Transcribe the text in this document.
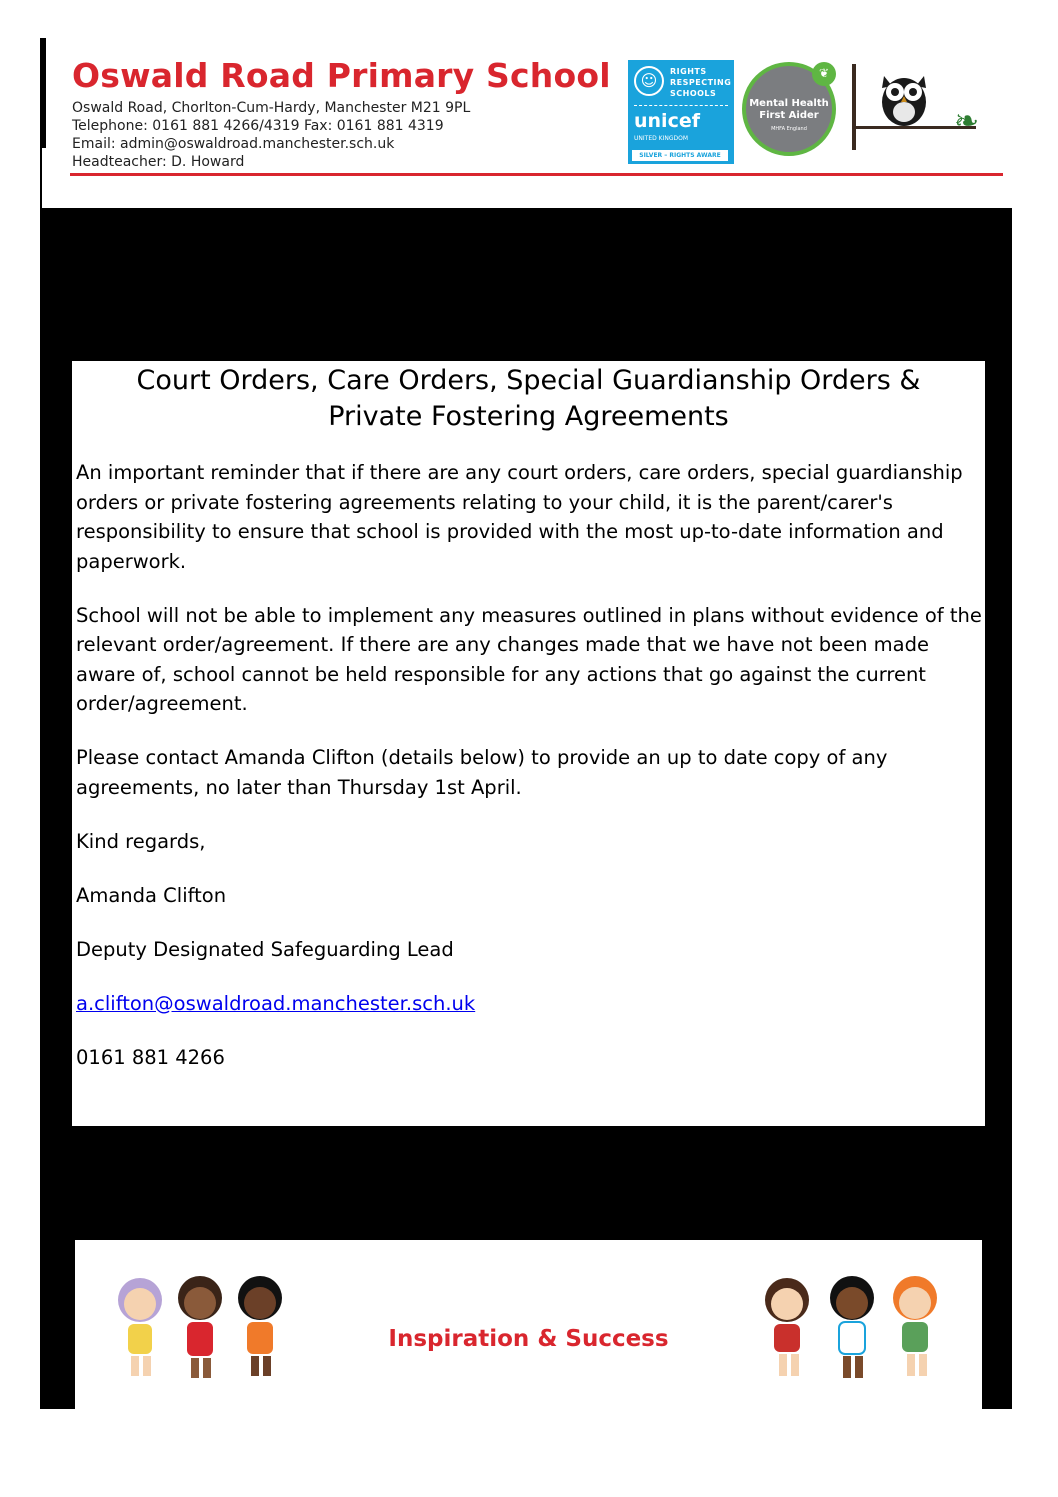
Oswald Road Primary School
Oswald Road, Chorlton-Cum-Hardy, Manchester M21 9PL
Telephone: 0161 881 4266/4319 Fax: 0161 881 4319
Email: admin@oswaldroad.manchester.sch.uk
Headteacher: D. Howard
☺	RIGHTS
RESPECTING
SCHOOLS
unicef
UNITED KINGDOM
SILVER – RIGHTS AWARE
❦
Mental Health
First Aider
MHFA England	❧
Court Orders, Care Orders, Special Guardianship Orders & Private Fostering Agreements

An important reminder that if there are any court orders, care orders, special guardianship orders or private fostering agreements relating to your child, it is the parent/carer's responsibility to ensure that school is provided with the most up-to-date information and paperwork.

School will not be able to implement any measures outlined in plans without evidence of the relevant order/agreement. If there are any changes made that we have not been made aware of, school cannot be held responsible for any actions that go against the current order/agreement.

Please contact Amanda Clifton (details below) to provide an up to date copy of any agreements, no later than Thursday 1st April.

Kind regards,

Amanda Clifton

Deputy Designated Safeguarding Lead

a.clifton@oswaldroad.manchester.sch.uk

0161 881 4266

Inspiration & Success
